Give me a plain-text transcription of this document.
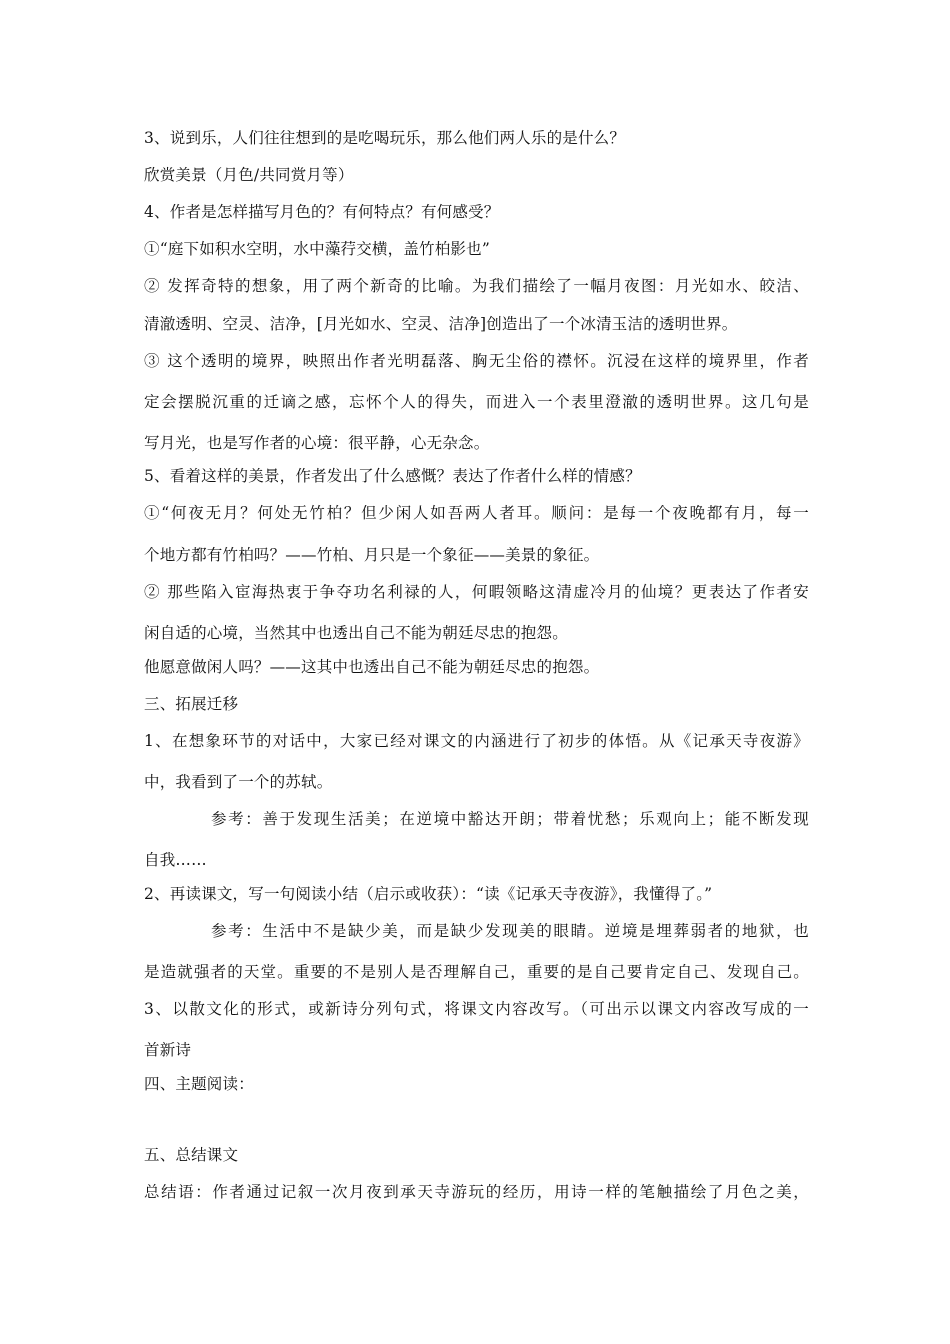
3、说到乐，人们往往想到的是吃喝玩乐，那么他们两人乐的是什么？
欣赏美景（月色/共同赏月等）
4、作者是怎样描写月色的？有何特点？有何感受？
①“庭下如积水空明，水中藻荇交横，盖竹柏影也”
② 发挥奇特的想象，用了两个新奇的比喻。为我们描绘了一幅月夜图：月光如水、皎洁、
清澈透明、空灵、洁净，[月光如水、空灵、洁净]创造出了一个冰清玉洁的透明世界。
③ 这个透明的境界，映照出作者光明磊落、胸无尘俗的襟怀。沉浸在这样的境界里，作者
定会摆脱沉重的迁谪之感，忘怀个人的得失，而进入一个表里澄澈的透明世界。这几句是
写月光，也是写作者的心境：很平静，心无杂念。
5、看着这样的美景，作者发出了什么感慨？表达了作者什么样的情感？
①“何夜无月？何处无竹柏？但少闲人如吾两人者耳。顺问：是每一个夜晚都有月，每一
个地方都有竹柏吗？——竹柏、月只是一个象征——美景的象征。
② 那些陷入宦海热衷于争夺功名利禄的人，何暇领略这清虚冷月的仙境？更表达了作者安
闲自适的心境，当然其中也透出自己不能为朝廷尽忠的抱怨。
他愿意做闲人吗？——这其中也透出自己不能为朝廷尽忠的抱怨。
三、拓展迁移
1、在想象环节的对话中，大家已经对课文的内涵进行了初步的体悟。从《记承天寺夜游》
中，我看到了一个的苏轼。
参考：善于发现生活美；在逆境中豁达开朗；带着忧愁；乐观向上；能不断发现
自我……
2、再读课文，写一句阅读小结（启示或收获）：“读《记承天寺夜游》，我懂得了。”
参考：生活中不是缺少美，而是缺少发现美的眼睛。逆境是埋葬弱者的地狱，也
是造就强者的天堂。重要的不是别人是否理解自己，重要的是自己要肯定自己、发现自己。
3、以散文化的形式，或新诗分列句式，将课文内容改写。（可出示以课文内容改写成的一
首新诗
四、主题阅读：
五、总结课文
总结语：作者通过记叙一次月夜到承天寺游玩的经历，用诗一样的笔触描绘了月色之美，
